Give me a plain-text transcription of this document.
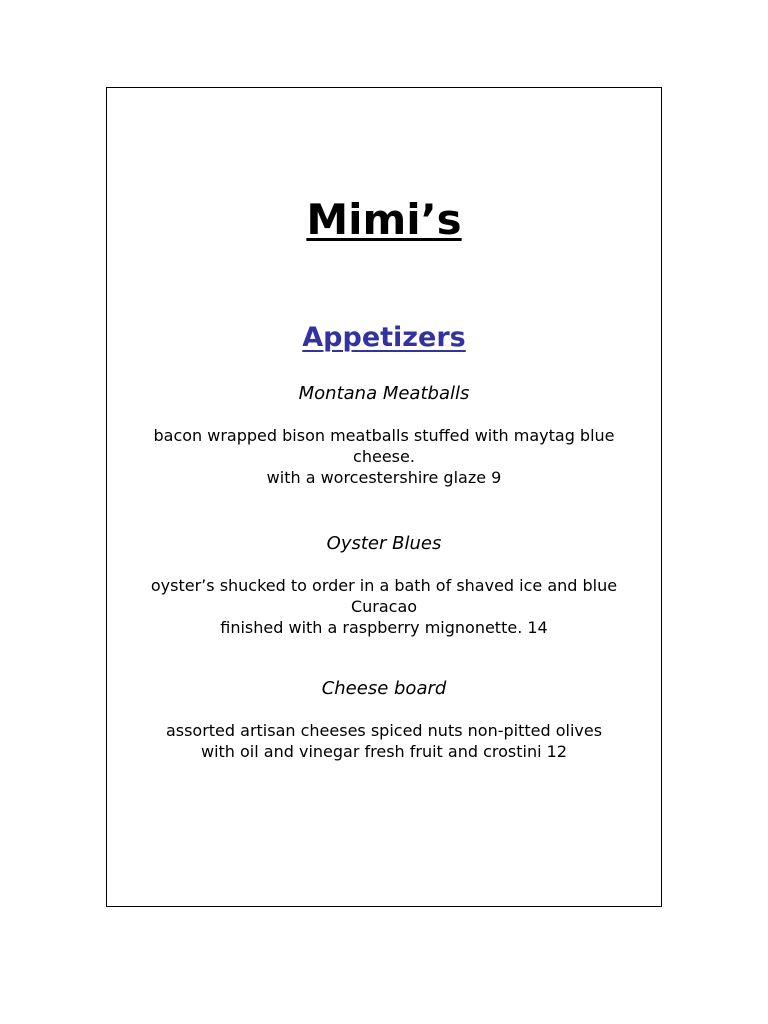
Mimi’s
Appetizers

Montana Meatballs

bacon wrapped bison meatballs stuffed with maytag blue
cheese.
with a worcestershire glaze 9

Oyster Blues

oyster’s shucked to order in a bath of shaved ice and blue
Curacao
finished with a raspberry mignonette. 14

Cheese board

assorted artisan cheeses spiced nuts non-pitted olives
with oil and vinegar fresh fruit and crostini 12
